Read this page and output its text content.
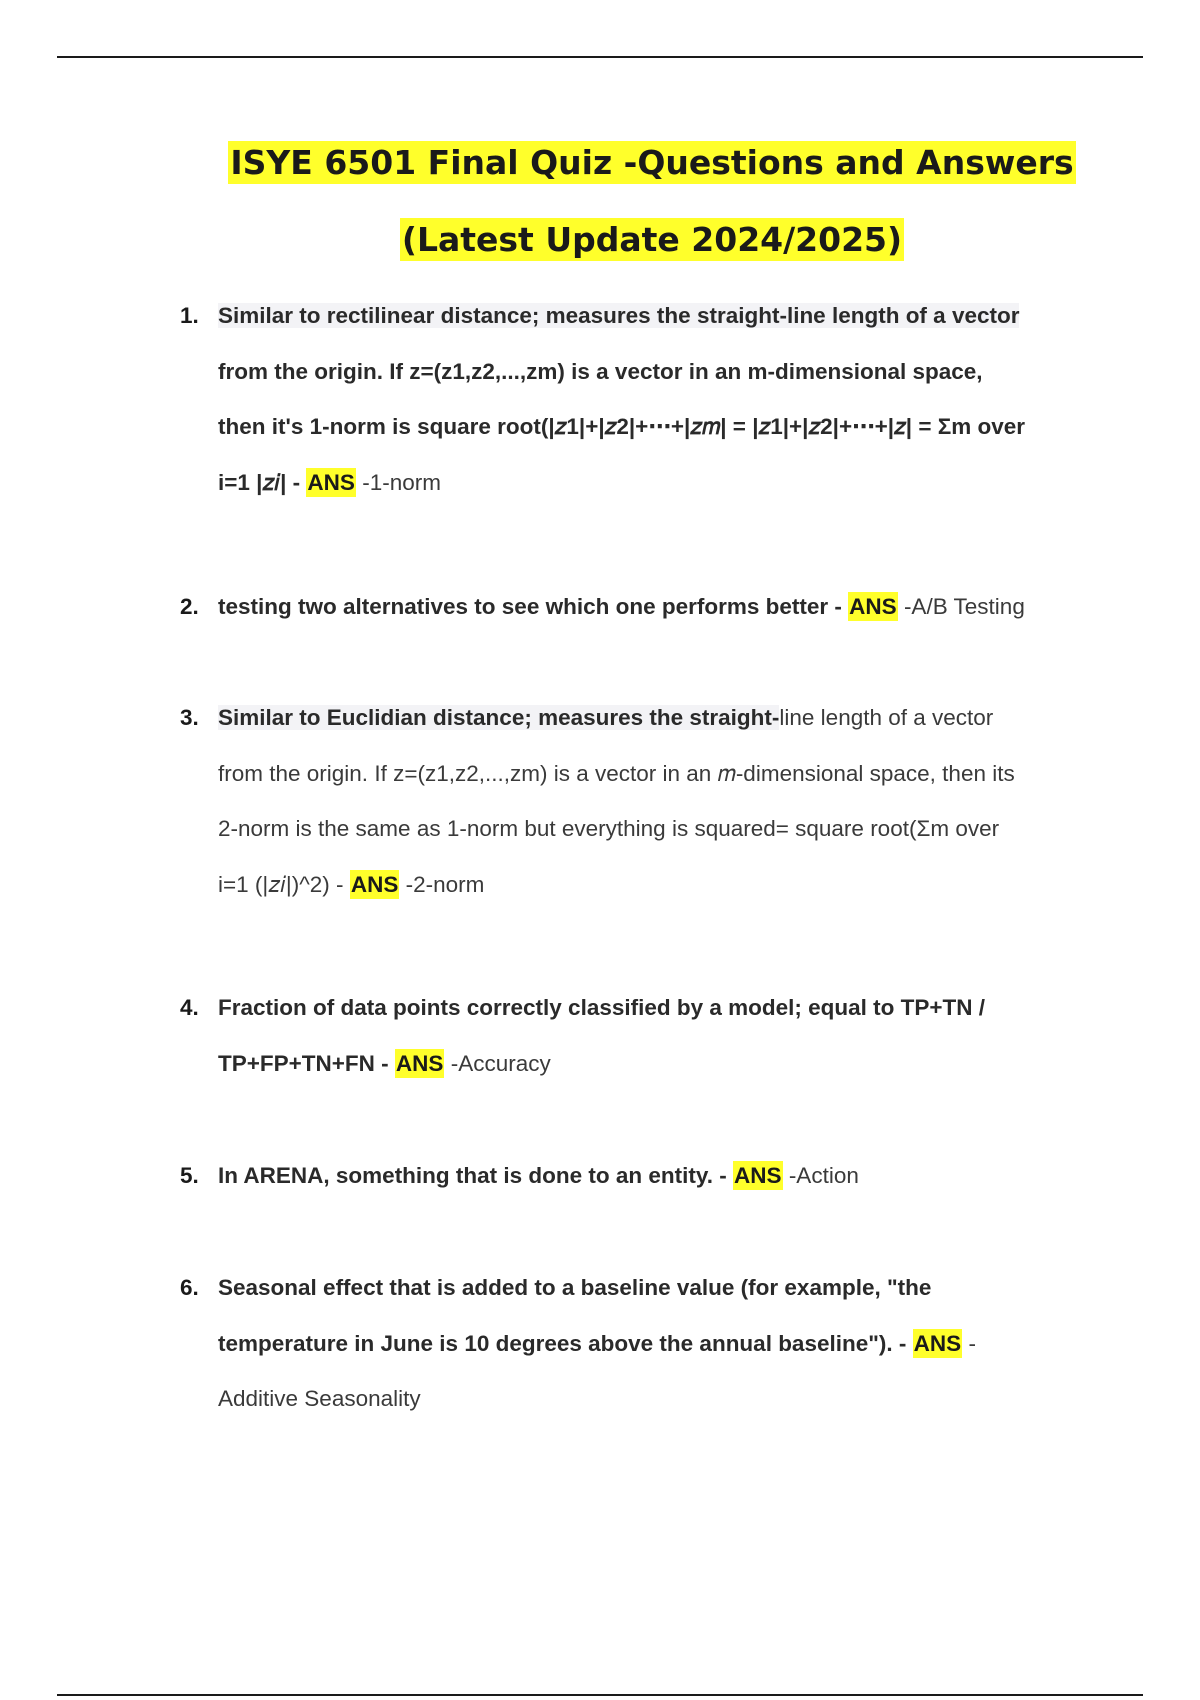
ISYE 6501 Final Quiz -Questions and Answers
(Latest Update 2024/2025)
1. Similar to rectilinear distance; measures the straight-line length of a vector
from the origin. If z=(z1,z2,...,zm) is a vector in an m-dimensional space,
then it's 1-norm is square root(|𝑧1|+|𝑧2|+⋯+|𝑧𝑚| = |𝑧1|+|𝑧2|+⋯+|𝑧| = Σm over
i=1 |𝑧𝑖| - ANS -1-norm
2. testing two alternatives to see which one performs better - ANS -A/B Testing
3. Similar to Euclidian distance; measures the straight-line length of a vector
from the origin. If z=(z1,z2,...,zm) is a vector in an 𝑚-dimensional space, then its
2-norm is the same as 1-norm but everything is squared= square root(Σm over
i=1 (|𝑧𝑖|)^2) - ANS -2-norm
4. Fraction of data points correctly classified by a model; equal to TP+TN /
TP+FP+TN+FN - ANS -Accuracy
5. In ARENA, something that is done to an entity. - ANS -Action
6. Seasonal effect that is added to a baseline value (for example, "the
temperature in June is 10 degrees above the annual baseline"). - ANS -
Additive Seasonality
